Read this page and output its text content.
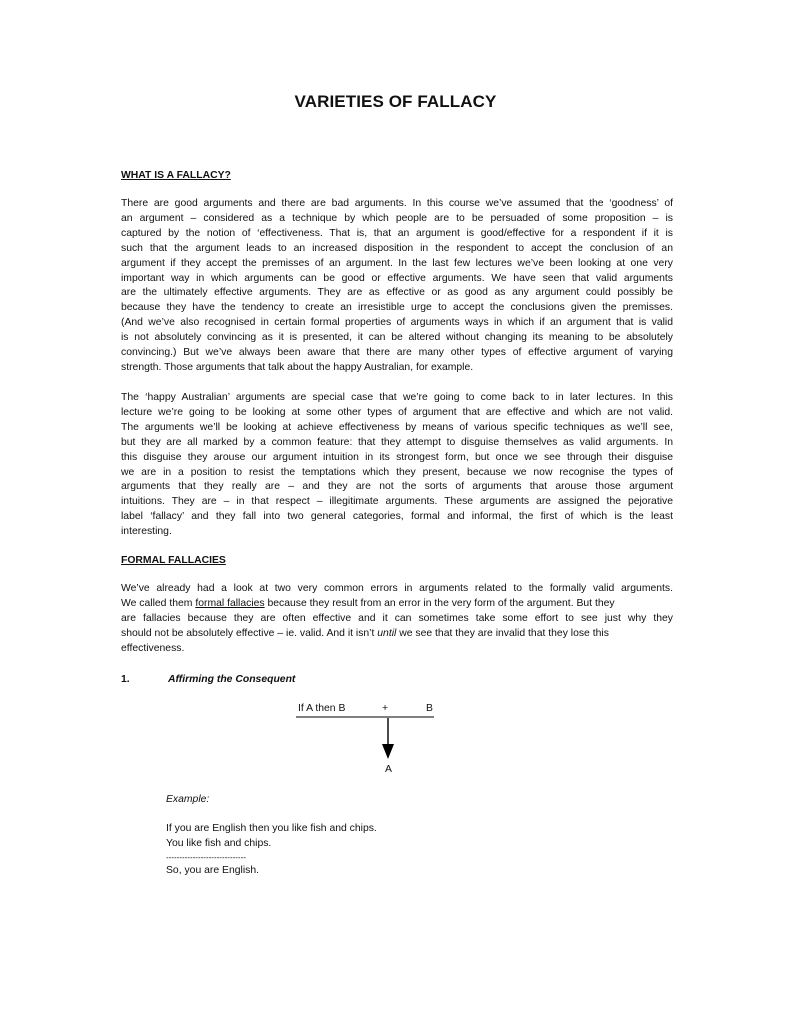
VARIETIES OF FALLACY
WHAT IS A FALLACY?
There are good arguments and there are bad arguments. In this course we’ve assumed that the ‘goodness’ of
an argument – considered as a technique by which people are to be persuaded of some proposition – is
captured by the notion of ‘effectiveness. That is, that an argument is good/effective for a respondent if it is
such that the argument leads to an increased disposition in the respondent to accept the conclusion of an
argument if they accept the premisses of an argument. In the last few lectures we’ve been looking at one very
important way in which arguments can be good or effective arguments. We have seen that valid arguments
are the ultimately effective arguments. They are as effective or as good as any argument could possibly be
because they have the tendency to create an irresistible urge to accept the conclusions given the premisses.
(And we’ve also recognised in certain formal properties of arguments ways in which if an argument that is valid
is not absolutely convincing as it is presented, it can be altered without changing its meaning to be absolutely
convincing.) But we’ve always been aware that there are many other types of effective argument of varying
strength. Those arguments that talk about the happy Australian, for example.
The ‘happy Australian’ arguments are special case that we’re going to come back to in later lectures. In this
lecture we’re going to be looking at some other types of argument that are effective and which are not valid.
The arguments we’ll be looking at achieve effectiveness by means of various specific techniques as we’ll see,
but they are all marked by a common feature: that they attempt to disguise themselves as valid arguments. In
this disguise they arouse our argument intuition in its strongest form, but once we see through their disguise
we are in a position to resist the temptations which they present, because we now recognise the types of
arguments that they really are – and they are not the sorts of arguments that arouse those argument
intuitions. They are – in that respect – illegitimate arguments. These arguments are assigned the pejorative
label ‘fallacy’ and they fall into two general categories, formal and informal, the first of which is the least
interesting.
FORMAL FALLACIES
We’ve already had a look at two very common errors in arguments related to the formally valid arguments.
We called them formal fallacies because they result from an error in the very form of the argument. But they
are fallacies because they are often effective and it can sometimes take some effort to see just why they
should not be absolutely effective – ie. valid. And it isn’t until we see that they are invalid that they lose this
effectiveness.
1.	Affirming the Consequent
If A then B	+	B
A
Example:
If you are English then you like fish and chips.
You like fish and chips.
------------------------------
So, you are English.
